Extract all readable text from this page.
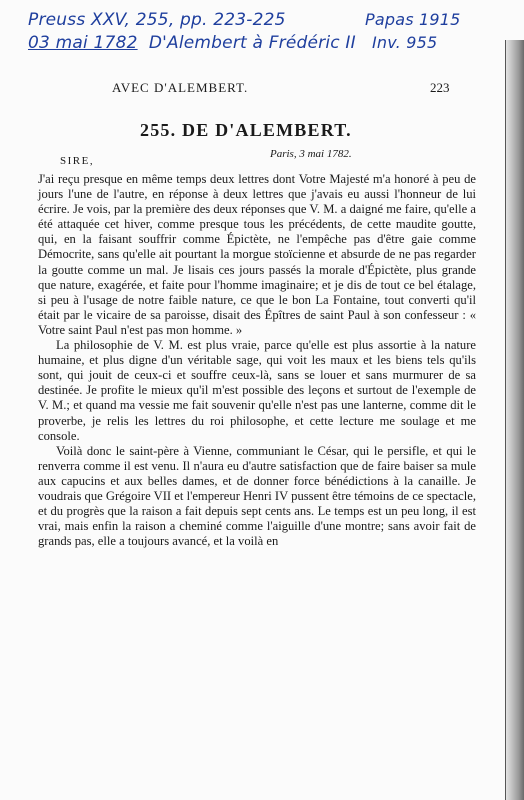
Preuss XXV, 255, pp. 223-225
03 mai 1782 D'Alembert à Frédéric II
Papas 1915
Inv. 955
AVEC D'ALEMBERT.	223
255. DE D'ALEMBERT.
Paris, 3 mai 1782.
SIRE,

J'ai reçu presque en même temps deux lettres dont Votre Majesté m'a honoré à peu de jours l'une de l'autre, en réponse à deux lettres que j'avais eu aussi l'honneur de lui écrire. Je vois, par la première des deux réponses que V. M. a daigné me faire, qu'elle a été attaquée cet hiver, comme presque tous les précédents, de cette maudite goutte, qui, en la faisant souffrir comme Épictète, ne l'empêche pas d'être gaie comme Démocrite, sans qu'elle ait pourtant la morgue stoïcienne et absurde de ne pas regarder la goutte comme un mal. Je lisais ces jours passés la morale d'Épictète, plus grande que nature, exagérée, et faite pour l'homme imaginaire; et je dis de tout ce bel étalage, si peu à l'usage de notre faible nature, ce que le bon La Fontaine, tout converti qu'il était par le vicaire de sa paroisse, disait des Épîtres de saint Paul à son confesseur : « Votre saint Paul n'est pas mon homme. »

La philosophie de V. M. est plus vraie, parce qu'elle est plus assortie à la nature humaine, et plus digne d'un véritable sage, qui voit les maux et les biens tels qu'ils sont, qui jouit de ceux-ci et souffre ceux-là, sans se louer et sans murmurer de sa destinée. Je profite le mieux qu'il m'est possible des leçons et surtout de l'exemple de V. M.; et quand ma vessie me fait souvenir qu'elle n'est pas une lanterne, comme dit le proverbe, je relis les lettres du roi philosophe, et cette lecture me soulage et me console.

Voilà donc le saint-père à Vienne, communiant le César, qui le persifle, et qui le renverra comme il est venu. Il n'aura eu d'autre satisfaction que de faire baiser sa mule aux capucins et aux belles dames, et de donner force bénédictions à la canaille. Je voudrais que Grégoire VII et l'empereur Henri IV pussent être témoins de ce spectacle, et du progrès que la raison a fait depuis sept cents ans. Le temps est un peu long, il est vrai, mais enfin la raison a cheminé comme l'aiguille d'une montre; sans avoir fait de grands pas, elle a toujours avancé, et la voilà en
